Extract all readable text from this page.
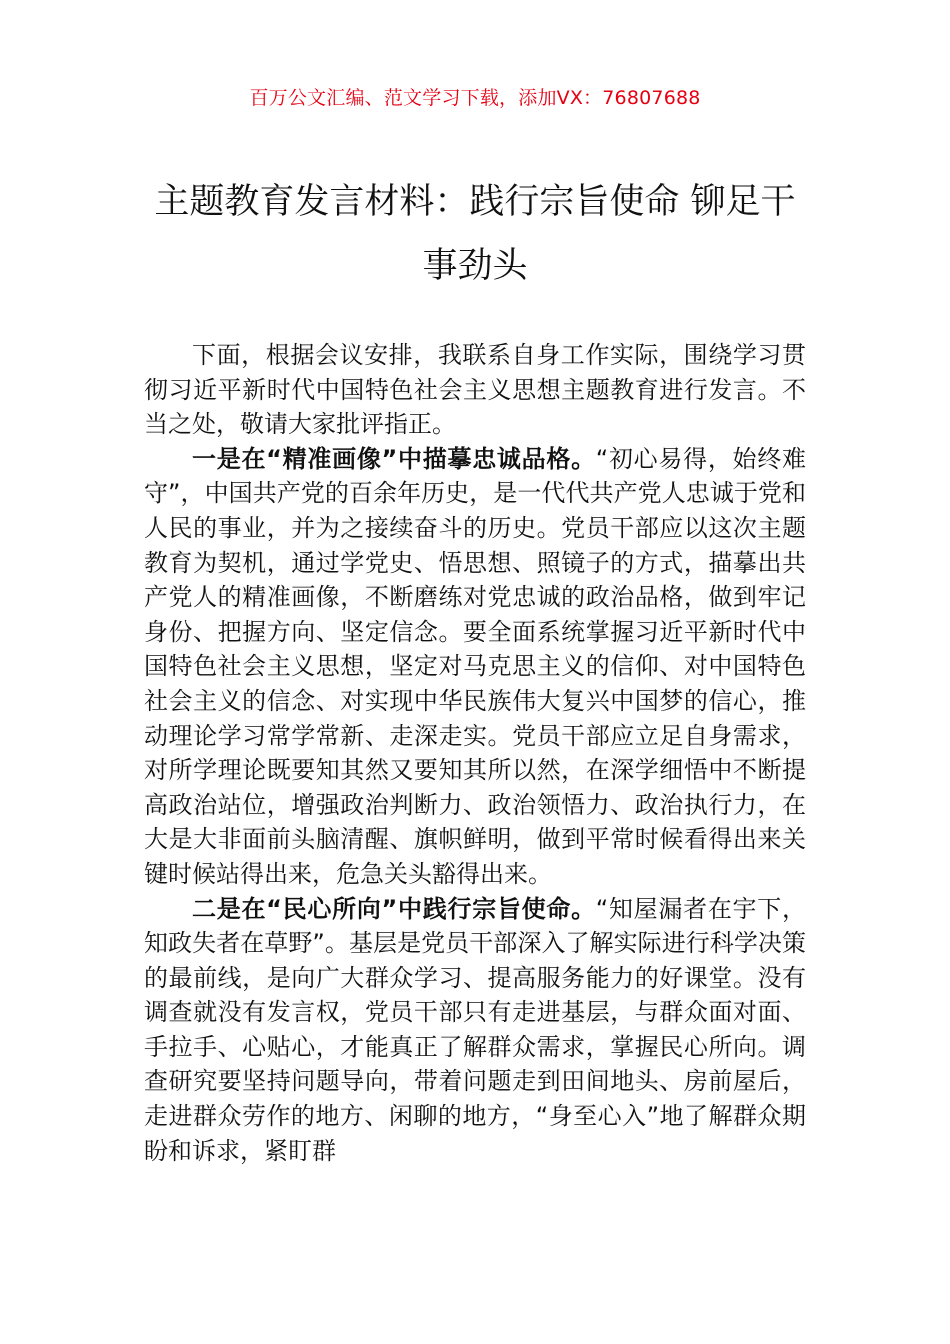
百万公文汇编、范文学习下载，添加VX：76807688
主题教育发言材料：践行宗旨使命 铆足干事劲头

下面，根据会议安排，我联系自身工作实际，围绕学习贯彻习近平新时代中国特色社会主义思想主题教育进行发言。不当之处，敬请大家批评指正。

一是在“精准画像”中描摹忠诚品格。“初心易得，始终难守”，中国共产党的百余年历史，是一代代共产党人忠诚于党和人民的事业，并为之接续奋斗的历史。党员干部应以这次主题教育为契机，通过学党史、悟思想、照镜子的方式，描摹出共产党人的精准画像，不断磨练对党忠诚的政治品格，做到牢记身份、把握方向、坚定信念。要全面系统掌握习近平新时代中国特色社会主义思想，坚定对马克思主义的信仰、对中国特色社会主义的信念、对实现中华民族伟大复兴中国梦的信心，推动理论学习常学常新、走深走实。党员干部应立足自身需求，对所学理论既要知其然又要知其所以然，在深学细悟中不断提高政治站位，增强政治判断力、政治领悟力、政治执行力，在大是大非面前头脑清醒、旗帜鲜明，做到平常时候看得出来关键时候站得出来，危急关头豁得出来。

二是在“民心所向”中践行宗旨使命。“知屋漏者在宇下，知政失者在草野”。基层是党员干部深入了解实际进行科学决策的最前线，是向广大群众学习、提高服务能力的好课堂。没有调查就没有发言权，党员干部只有走进基层，与群众面对面、手拉手、心贴心，才能真正了解群众需求，掌握民心所向。调查研究要坚持问题导向，带着问题走到田间地头、房前屋后，走进群众劳作的地方、闲聊的地方，“身至心入”地了解群众期盼和诉求，紧盯群
